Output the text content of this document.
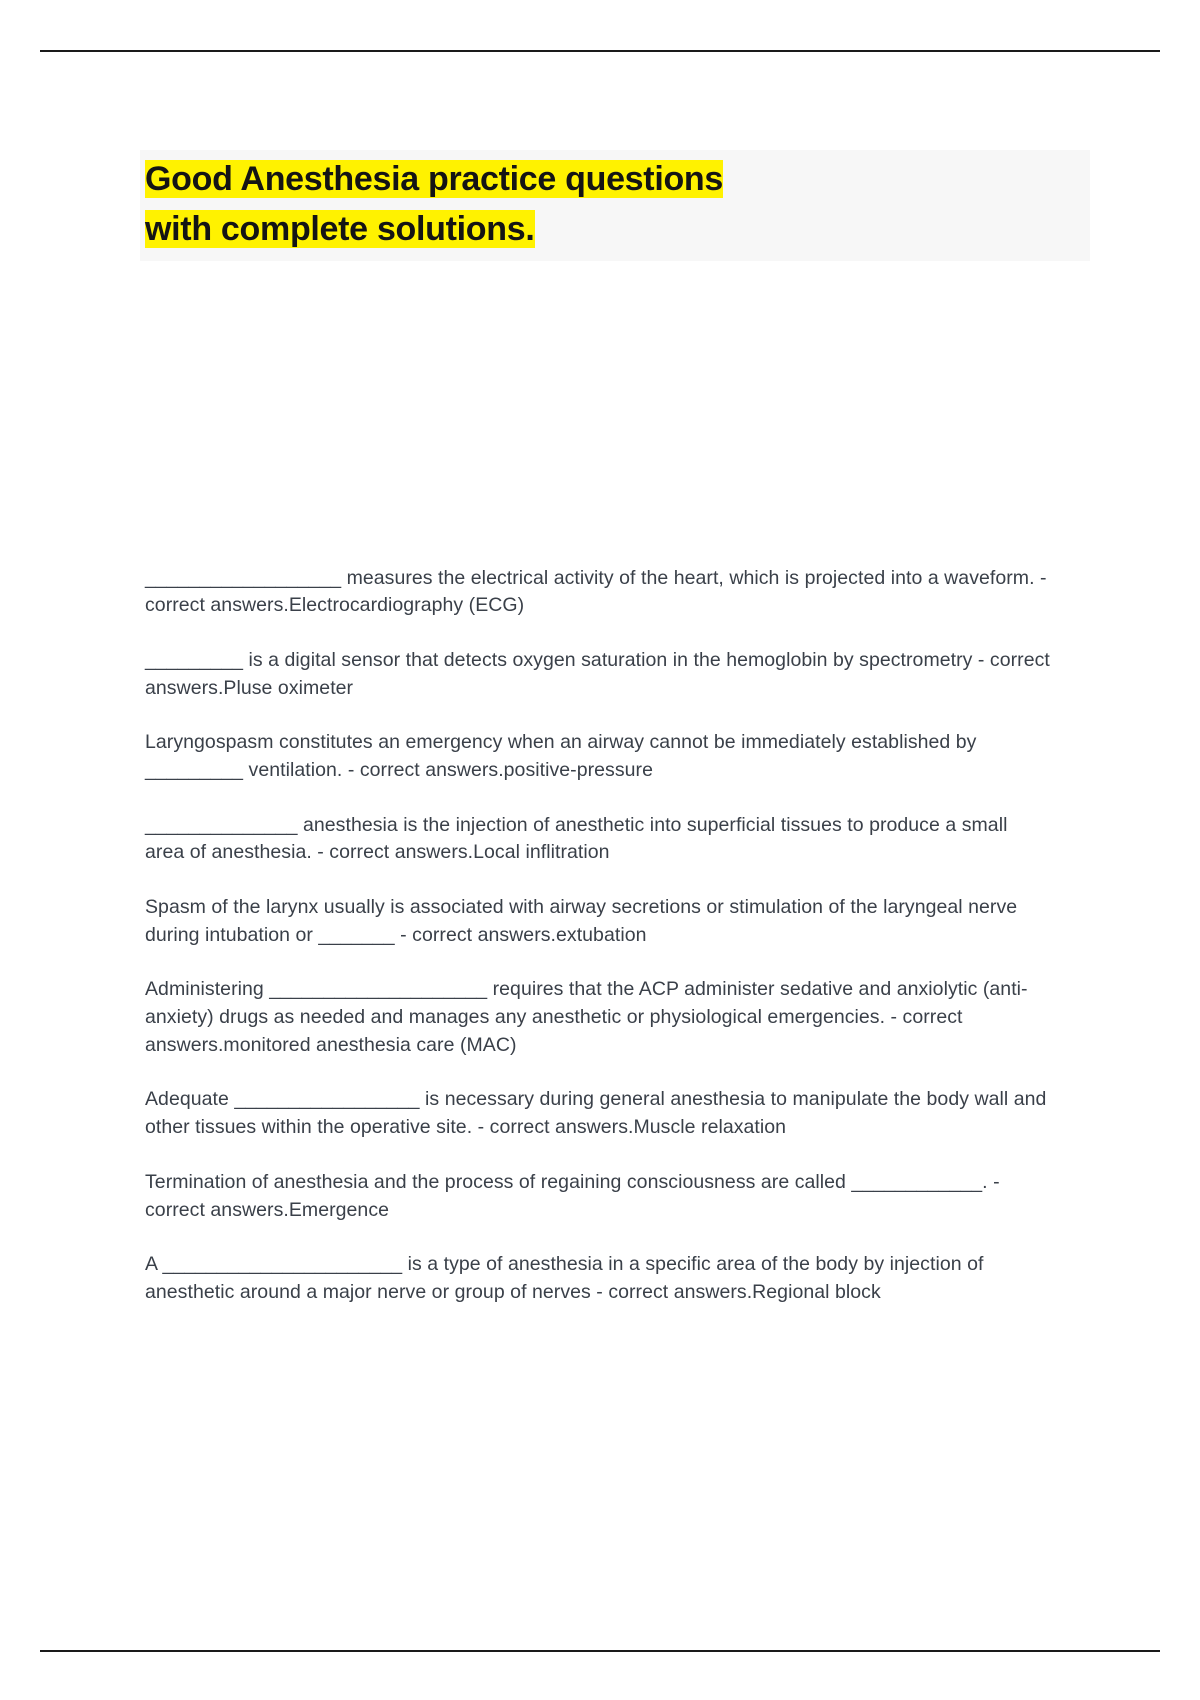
Good Anesthesia practice questions
with complete solutions.

__________________ measures the electrical activity of the heart, which is projected into a waveform. - correct answers.Electrocardiography (ECG)

_________ is a digital sensor that detects oxygen saturation in the hemoglobin by spectrometry - correct answers.Pluse oximeter

Laryngospasm constitutes an emergency when an airway cannot be immediately established by _________ ventilation. - correct answers.positive-pressure

______________ anesthesia is the injection of anesthetic into superficial tissues to produce a small area of anesthesia. - correct answers.Local inflitration

Spasm of the larynx usually is associated with airway secretions or stimulation of the laryngeal nerve during intubation or _______ - correct answers.extubation

Administering ____________________ requires that the ACP administer sedative and anxiolytic (anti-anxiety) drugs as needed and manages any anesthetic or physiological emergencies. - correct answers.monitored anesthesia care (MAC)

Adequate _________________ is necessary during general anesthesia to manipulate the body wall and other tissues within the operative site. - correct answers.Muscle relaxation

Termination of anesthesia and the process of regaining consciousness are called ____________. - correct answers.Emergence

A ______________________ is a type of anesthesia in a specific area of the body by injection of anesthetic around a major nerve or group of nerves - correct answers.Regional block
